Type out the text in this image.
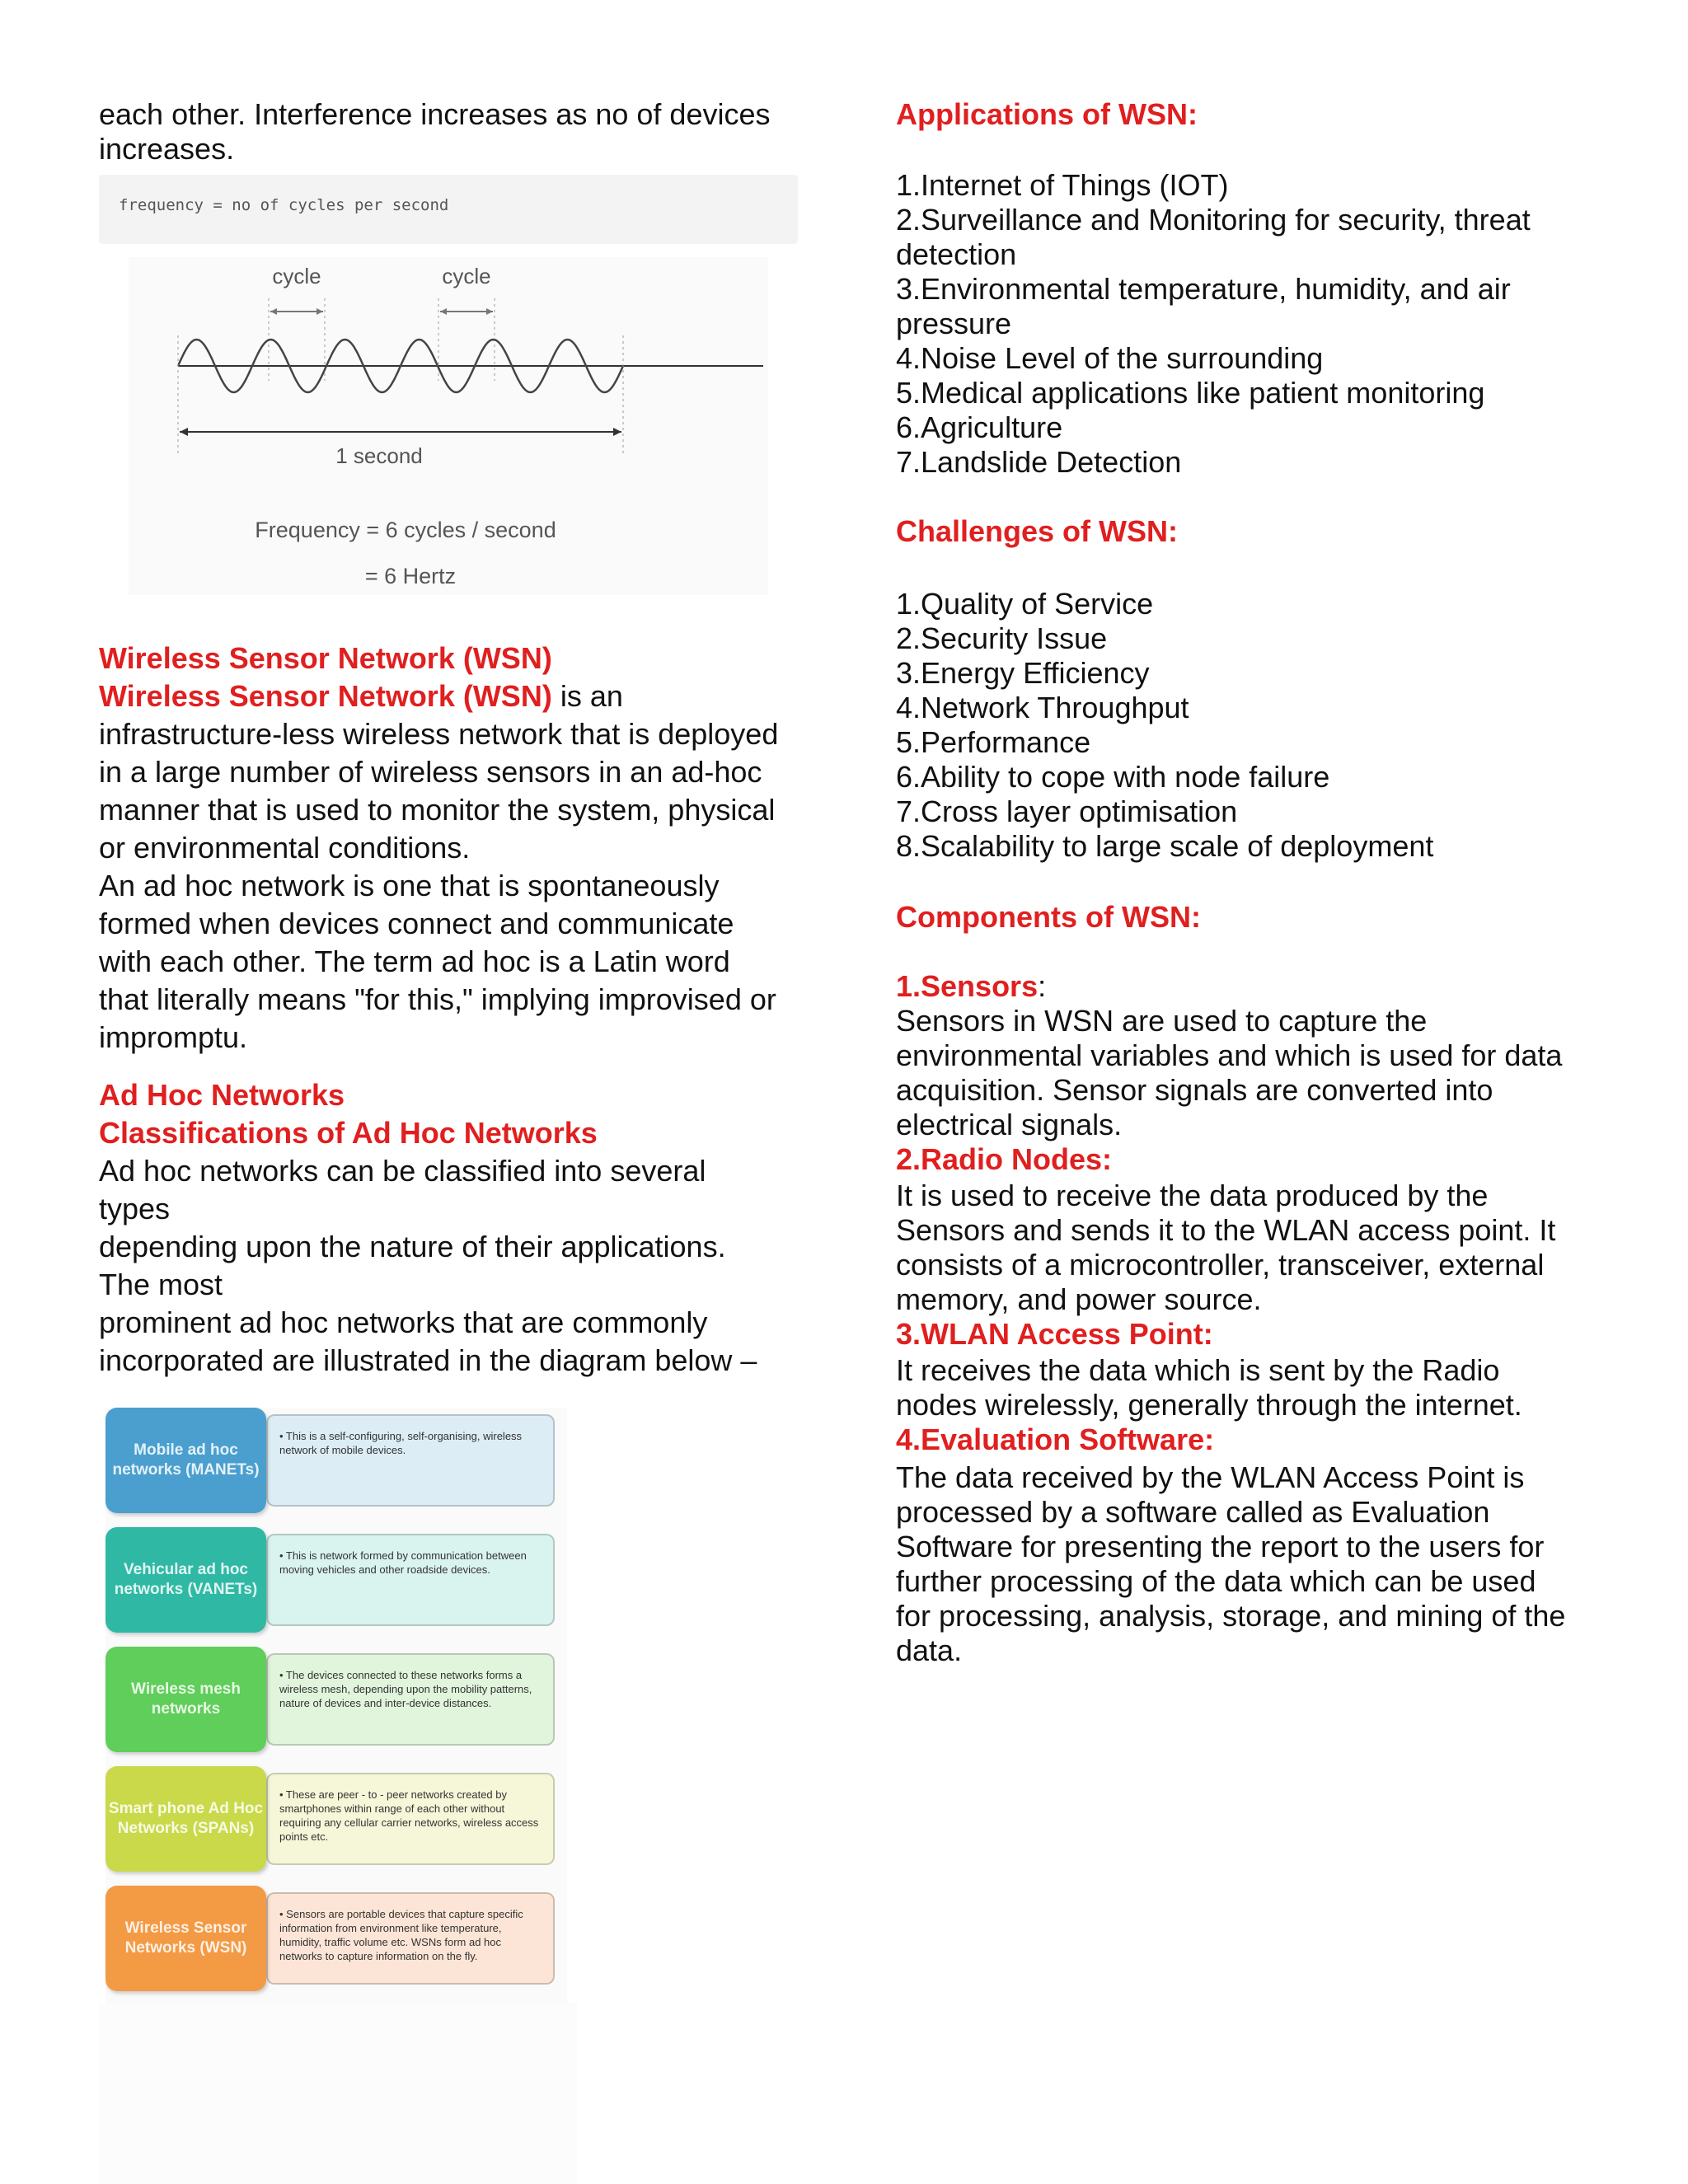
each other. Interference increases as no of devices

increases.

Wireless Sensor Network (WSN)

Wireless Sensor Network (WSN) is an

infrastructure-less wireless network that is deployed

in a large number of wireless sensors in an ad-hoc

manner that is used to monitor the system, physical

or environmental conditions.

An ad hoc network is one that is spontaneously

formed when devices connect and communicate

with each other. The term ad hoc is a Latin word

that literally means "for this," implying improvised or

impromptu.

Ad Hoc Networks

Classifications of Ad Hoc Networks

Ad hoc networks can be classified into several

types

depending upon the nature of their applications.

The most

prominent ad hoc networks that are commonly

incorporated are illustrated in the diagram below –

frequency = no of cycles per second
cycle	cycle
1 second
Frequency = 6 cycles / second
= 6 Hertz
• This is a self-configuring, self-organising, wireless network of mobile devices.
Mobile ad hoc networks (MANETs)
• This is network formed by communication between moving vehicles and other roadside devices.
Vehicular ad hoc networks (VANETs)
• The devices connected to these networks forms a wireless mesh, depending upon the mobility patterns, nature of devices and inter-device distances.
Wireless mesh networks
• These are peer - to - peer networks created by smartphones within range of each other without requiring any cellular carrier networks, wireless access points etc.
Smart phone Ad Hoc Networks (SPANs)
• Sensors are portable devices that capture specific information from environment like temperature, humidity, traffic volume etc. WSNs form ad hoc networks to capture information on the fly.
Wireless Sensor Networks (WSN)

Applications of WSN:

1.Internet of Things (IOT)

2.Surveillance and Monitoring for security, threat

detection

3.Environmental temperature, humidity, and air

pressure

4.Noise Level of the surrounding

5.Medical applications like patient monitoring

6.Agriculture

7.Landslide Detection

Challenges of WSN:

1.Quality of Service

2.Security Issue

3.Energy Efficiency

4.Network Throughput

5.Performance

6.Ability to cope with node failure

7.Cross layer optimisation

8.Scalability to large scale of deployment

Components of WSN:

1.Sensors:

Sensors in WSN are used to capture the

environmental variables and which is used for data

acquisition. Sensor signals are converted into

electrical signals.

2.Radio Nodes:

It is used to receive the data produced by the

Sensors and sends it to the WLAN access point. It

consists of a microcontroller, transceiver, external

memory, and power source.

3.WLAN Access Point:

It receives the data which is sent by the Radio

nodes wirelessly, generally through the internet.

4.Evaluation Software:

The data received by the WLAN Access Point is

processed by a software called as Evaluation

Software for presenting the report to the users for

further processing of the data which can be used

for processing, analysis, storage, and mining of the

data.
